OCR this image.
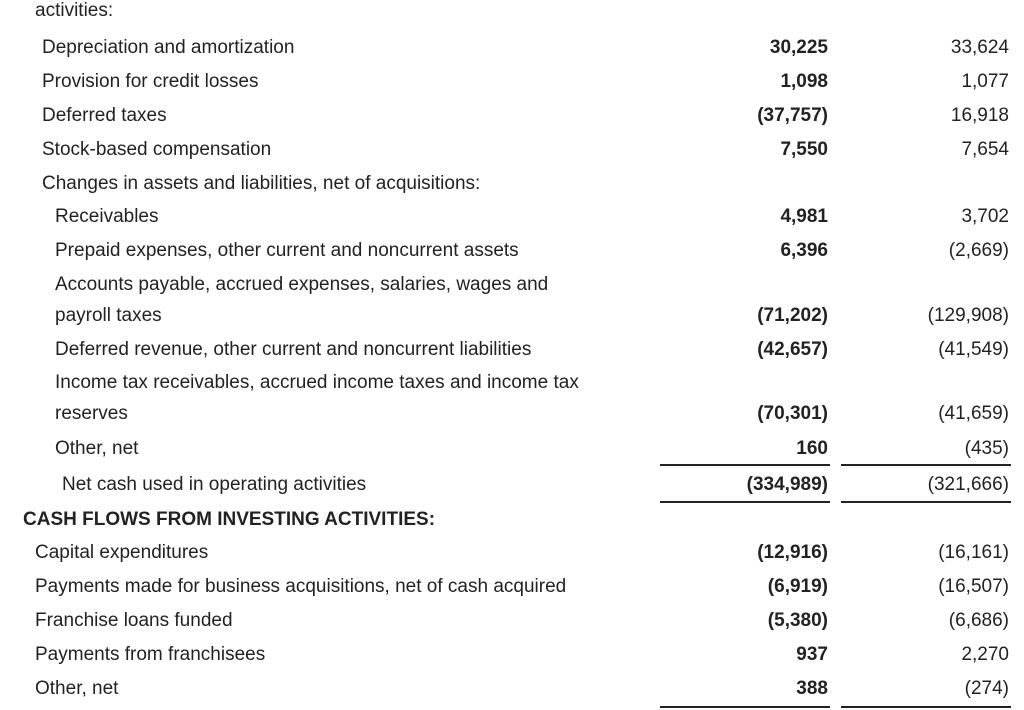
activities:
Depreciation and amortization	30,225	33,624
Provision for credit losses	1,098	1,077
Deferred taxes	(37,757)	16,918
Stock-based compensation	7,550	7,654
Changes in assets and liabilities, net of acquisitions:
Receivables	4,981	3,702
Prepaid expenses, other current and noncurrent assets	6,396	(2,669)
Accounts payable, accrued expenses, salaries, wages and
payroll taxes	(71,202)	(129,908)
Deferred revenue, other current and noncurrent liabilities	(42,657)	(41,549)
Income tax receivables, accrued income taxes and income tax
reserves	(70,301)	(41,659)
Other, net	160	(435)
Net cash used in operating activities	(334,989)	(321,666)
CASH FLOWS FROM INVESTING ACTIVITIES:
Capital expenditures	(12,916)	(16,161)
Payments made for business acquisitions, net of cash acquired	(6,919)	(16,507)
Franchise loans funded	(5,380)	(6,686)
Payments from franchisees	937	2,270
Other, net	388	(274)
